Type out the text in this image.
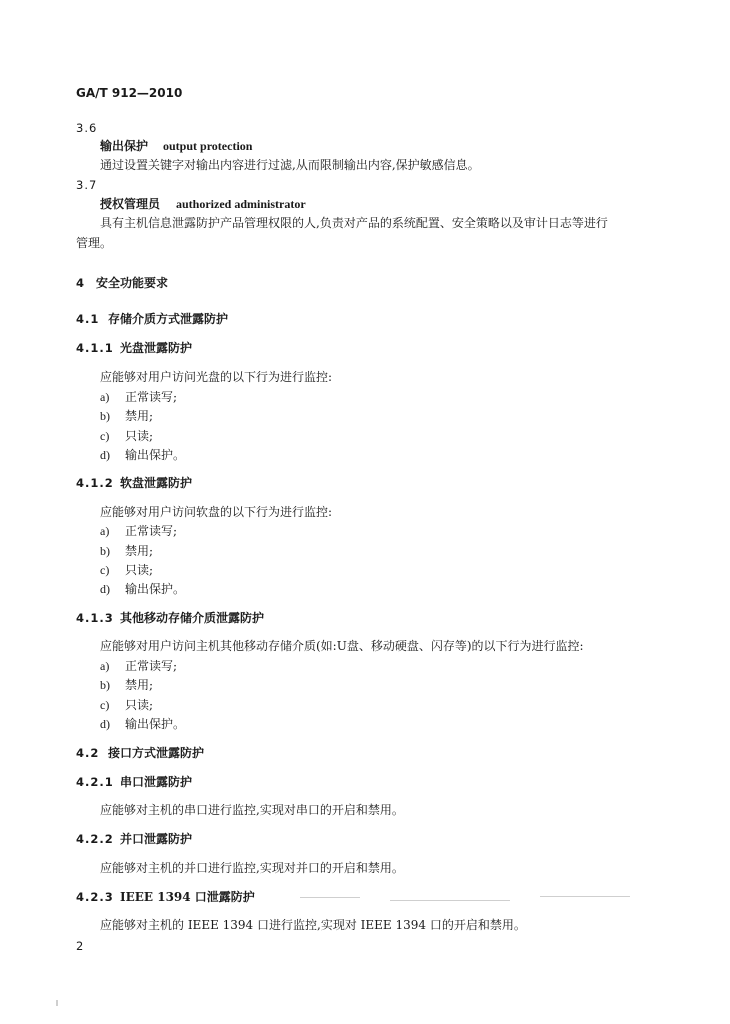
GA/T 912—2010
3.6
输出保护 output protection
通过设置关键字对输出内容进行过滤,从而限制输出内容,保护敏感信息。
3.7
授权管理员 authorized administrator
具有主机信息泄露防护产品管理权限的人,负责对产品的系统配置、安全策略以及审计日志等进行
管理。
4 安全功能要求
4.1 存储介质方式泄露防护
4.1.1 光盘泄露防护
应能够对用户访问光盘的以下行为进行监控:
a) 正常读写;
b) 禁用;
c) 只读;
d) 输出保护。
4.1.2 软盘泄露防护
应能够对用户访问软盘的以下行为进行监控:
a) 正常读写;
b) 禁用;
c) 只读;
d) 输出保护。
4.1.3 其他移动存储介质泄露防护
应能够对用户访问主机其他移动存储介质(如:U盘、移动硬盘、闪存等)的以下行为进行监控:
a) 正常读写;
b) 禁用;
c) 只读;
d) 输出保护。
4.2 接口方式泄露防护
4.2.1 串口泄露防护
应能够对主机的串口进行监控,实现对串口的开启和禁用。
4.2.2 并口泄露防护
应能够对主机的并口进行监控,实现对并口的开启和禁用。
4.2.3 IEEE 1394 口泄露防护
应能够对主机的 IEEE 1394 口进行监控,实现对 IEEE 1394 口的开启和禁用。
2
